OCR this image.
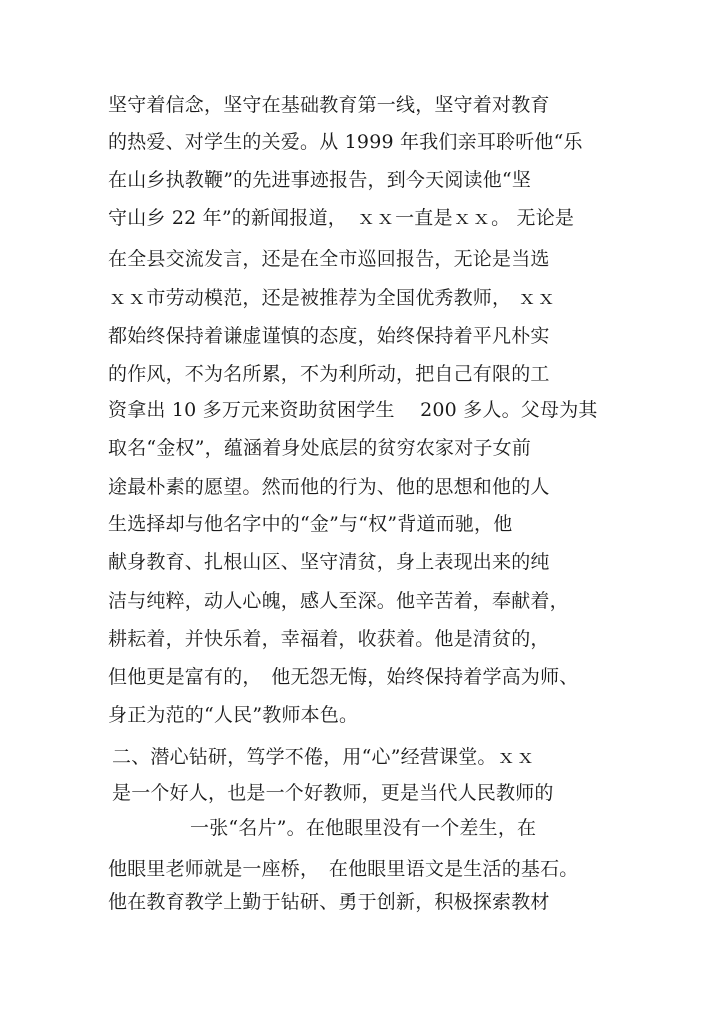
坚守着信念，坚守在基础教育第一线，坚守着对教育
的热爱、对学生的关爱。从 1999 年我们亲耳聆听他“乐
在山乡执教鞭”的先进事迹报告，到今天阅读他“坚
守山乡 22 年”的新闻报道，　ｘｘ一直是ｘｘ。 无论是
在全县交流发言，还是在全市巡回报告，无论是当选
ｘｘ市劳动模范，还是被推荐为全国优秀教师， ｘｘ
都始终保持着谦虚谨慎的态度，始终保持着平凡朴实
的作风，不为名所累，不为利所动，把自己有限的工
资拿出 10 多万元来资助贫困学生　 200 多人。父母为其
取名“金权”，蕴涵着身处底层的贫穷农家对子女前
途最朴素的愿望。然而他的行为、他的思想和他的人
生选择却与他名字中的“金”与“权”背道而驰，他
献身教育、扎根山区、坚守清贫，身上表现出来的纯
洁与纯粹，动人心魄，感人至深。他辛苦着，奉献着，
耕耘着，并快乐着，幸福着，收获着。他是清贫的，
但他更是富有的，　他无怨无悔，始终保持着学高为师、
身正为范的“人民”教师本色。
二、潜心钻研，笃学不倦，用“心”经营课堂。ｘｘ
是一个好人，也是一个好教师，更是当代人民教师的
一张“名片”。在他眼里没有一个差生，在
他眼里老师就是一座桥，　在他眼里语文是生活的基石。
他在教育教学上勤于钻研、勇于创新，积极探索教材
